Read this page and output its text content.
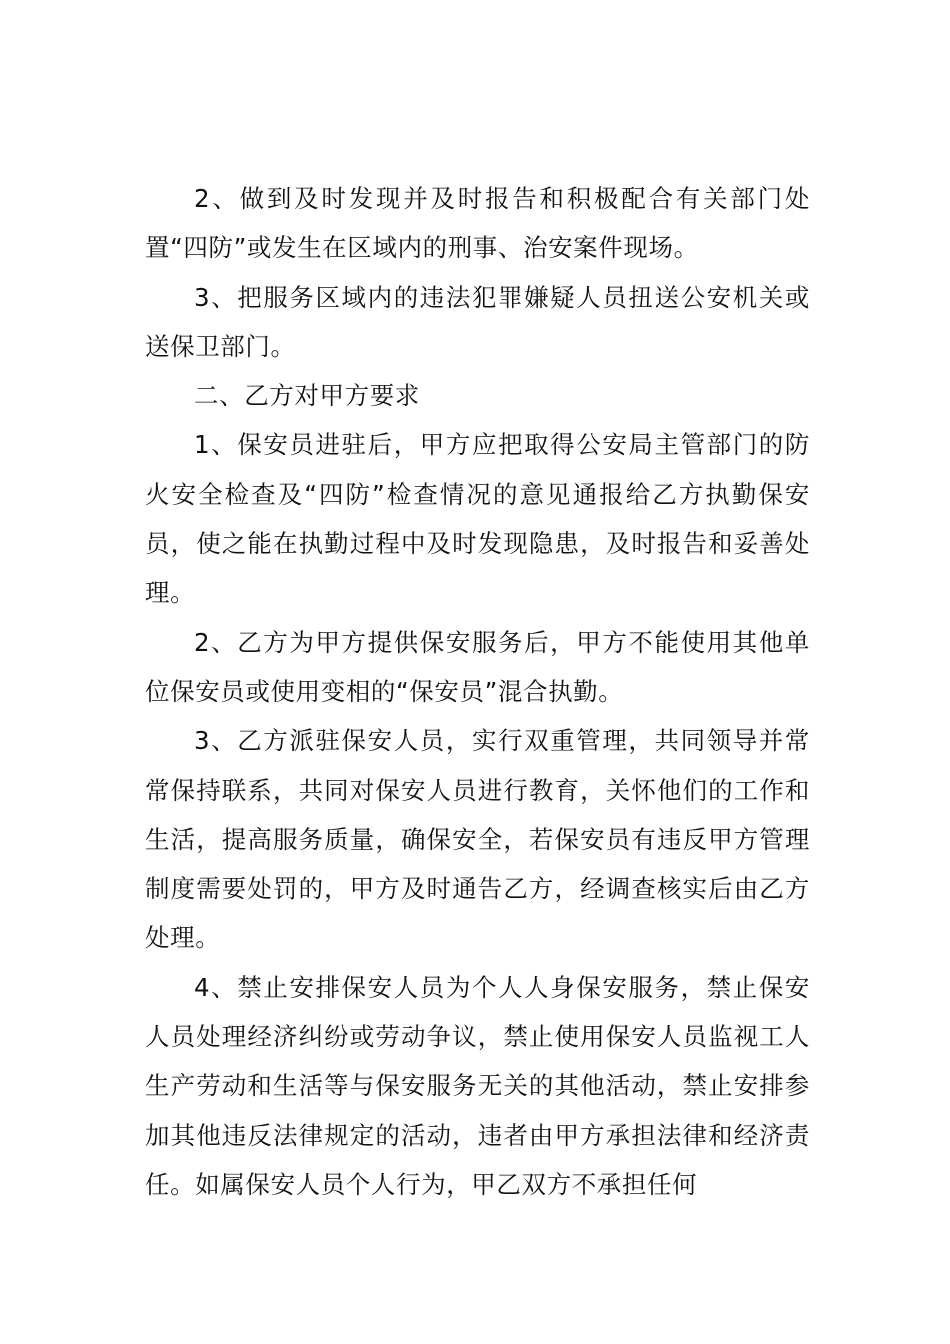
2、做到及时发现并及时报告和积极配合有关部门处置“四防”或发生在区域内的刑事、治安案件现场。

3、把服务区域内的违法犯罪嫌疑人员扭送公安机关或送保卫部门。

二、乙方对甲方要求

1、保安员进驻后，甲方应把取得公安局主管部门的防火安全检查及“四防”检查情况的意见通报给乙方执勤保安员，使之能在执勤过程中及时发现隐患，及时报告和妥善处理。

2、乙方为甲方提供保安服务后，甲方不能使用其他单位保安员或使用变相的“保安员”混合执勤。

3、乙方派驻保安人员，实行双重管理，共同领导并常常保持联系，共同对保安人员进行教育，关怀他们的工作和生活，提高服务质量，确保安全，若保安员有违反甲方管理制度需要处罚的，甲方及时通告乙方，经调查核实后由乙方处理。

4、禁止安排保安人员为个人人身保安服务，禁止保安人员处理经济纠纷或劳动争议，禁止使用保安人员监视工人生产劳动和生活等与保安服务无关的其他活动，禁止安排参加其他违反法律规定的活动，违者由甲方承担法律和经济责任。如属保安人员个人行为，甲乙双方不承担任何
